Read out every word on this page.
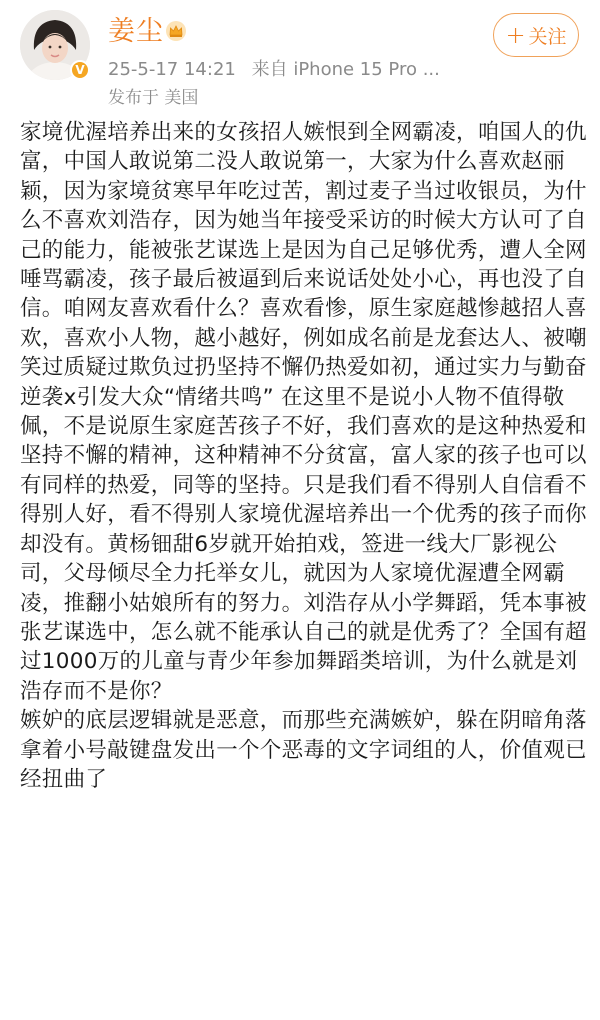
V
姜尘
25-5-17 14:21 来自 iPhone 15 Pro ...
发布于 美国
+ 关注

家境优渥培养出来的女孩招人嫉恨到全网霸凌，咱国人的仇富，中国人敢说第二没人敢说第一，大家为什么喜欢赵丽颖，因为家境贫寒早年吃过苦，割过麦子当过收银员，为什么不喜欢刘浩存，因为她当年接受采访的时候大方认可了自己的能力，能被张艺谋选上是因为自己足够优秀，遭人全网唾骂霸凌，孩子最后被逼到后来说话处处小心，再也没了自信。咱网友喜欢看什么？喜欢看惨，原生家庭越惨越招人喜欢，喜欢小人物，越小越好，例如成名前是龙套达人、被嘲笑过质疑过欺负过扔坚持不懈仍热爱如初，通过实力与勤奋逆袭x引发大众“情绪共鸣” 在这里不是说小人物不值得敬佩，不是说原生家庭苦孩子不好，我们喜欢的是这种热爱和坚持不懈的精神，这种精神不分贫富，富人家的孩子也可以有同样的热爱，同等的坚持。只是我们看不得别人自信看不得别人好，看不得别人家境优渥培养出一个优秀的孩子而你却没有。黄杨钿甜6岁就开始拍戏，签进一线大厂影视公司，父母倾尽全力托举女儿，就因为人家境优渥遭全网霸凌，推翻小姑娘所有的努力。刘浩存从小学舞蹈，凭本事被张艺谋选中，怎么就不能承认自己的就是优秀了？全国有超过1000万的儿童与青少年参加舞蹈类培训，为什么就是刘浩存而不是你？

嫉妒的底层逻辑就是恶意，而那些充满嫉妒，躲在阴暗角落拿着小号敲键盘发出一个个恶毒的文字词组的人，价值观已经扭曲了
